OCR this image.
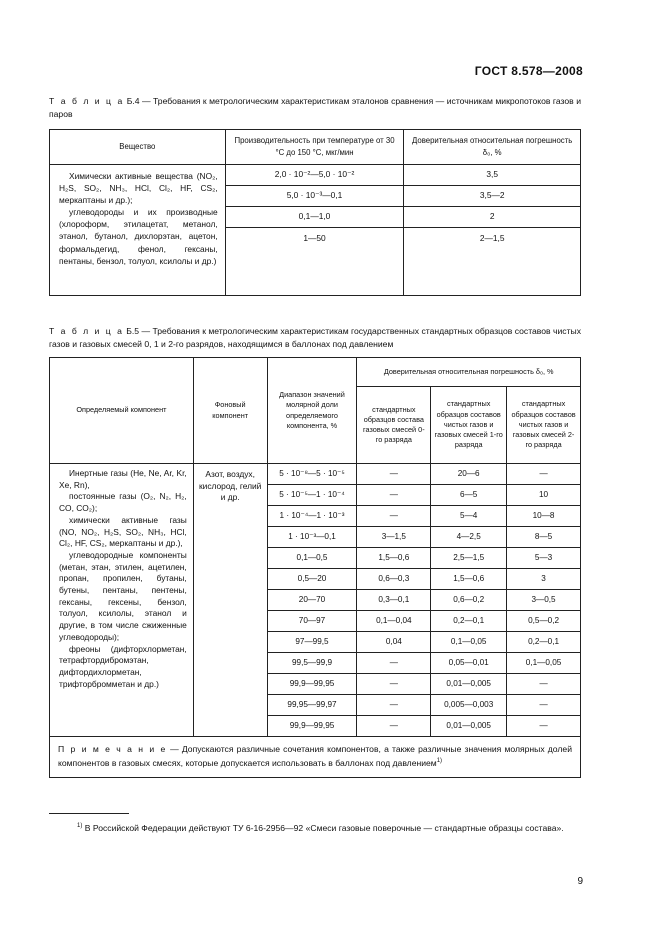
ГОСТ 8.578—2008
Т а б л и ц а Б.4 — Требования к метрологическим характеристикам эталонов сравнения — источникам микропотоков газов и паров
Вещество	Производительность при температуре от 30 °С до 150 °С, мкг/мин	Доверительная относительная погрешность δ₀, %

Химически активные вещества (NO₂, H₂S, SO₂, NH₃, HCl, Cl₂, HF, CS₂, меркаптаны и др.);
углеводороды и их производные (хлороформ, этилацетат, метанол, этанол, бутанол, дихлорэтан, ацетон, формальдегид, фенол, гексаны, пентаны, бензол, толуол, ксилолы и др.)	2,0 · 10⁻²—5,0 · 10⁻²	3,5
	5,0 · 10⁻³—0,1	3,5—2
	0,1—1,0	2
	1—50	2—1,5
Т а б л и ц а Б.5 — Требования к метрологическим характеристикам государственных стандартных образцов составов чистых газов и газовых смесей 0, 1 и 2-го разрядов, находящимся в баллонах под давлением
Определяемый компонент	Фоновый компонент	Диапазон значений молярной доли определяемого компонента, %	Доверительная относительная погрешность δ₀, %		
			стандартных образцов состава газовых смесей 0-го разряда	стандартных образцов составов чистых газов и газовых смесей 1-го разряда	стандартных образцов составов чистых газов и газовых смесей 2-го разряда

Инертные газы (He, Ne, Ar, Kr, Xe, Rn),
постоянные газы (O₂, N₂, H₂, CO, CO₂);
химически активные газы (NO, NO₂, H₂S, SO₂, NH₃, HCl, Cl₂, HF, CS₂, меркаптаны и др.),
углеводородные компоненты (метан, этан, этилен, ацетилен, пропан, пропилен, бутаны, бутены, пентаны, пентены, гексаны, гексены, бензол, толуол, ксилолы, этанол и другие, в том числе сжиженные углеводороды);
фреоны (дифторхлорметан, тетрафтордибромэтан, дифтордихлорметан, трифторбромметан и др.)	Азот, воздух, кислород, гелий и др.	5 · 10⁻⁸—5 · 10⁻⁵	—	20—6	—
		5 · 10⁻⁵—1 · 10⁻⁴	—	6—5	10
		1 · 10⁻⁴—1 · 10⁻³	—	5—4	10—8
		1 · 10⁻³—0,1	3—1,5	4—2,5	8—5
		0,1—0,5	1,5—0,6	2,5—1,5	5—3
		0,5—20	0,6—0,3	1,5—0,6	3
		20—70	0,3—0,1	0,6—0,2	3—0,5
		70—97	0,1—0,04	0,2—0,1	0,5—0,2
		97—99,5	0,04	0,1—0,05	0,2—0,1
		99,5—99,9	—	0,05—0,01	0,1—0,05
		99,9—99,95	—	0,01—0,005	—
		99,95—99,97	—	0,005—0,003	—
		99,9—99,95	—	0,01—0,005	—
П р и м е ч а н и е — Допускаются различные сочетания компонентов, а также различные значения молярных долей компонентов в газовых смесях, которые допускается использовать в баллонах под давлением$^{1)}$
$^{1)}$ В Российской Федерации действуют ТУ 6-16-2956—92 «Смеси газовые поверочные — стандартные образцы состава».
9
